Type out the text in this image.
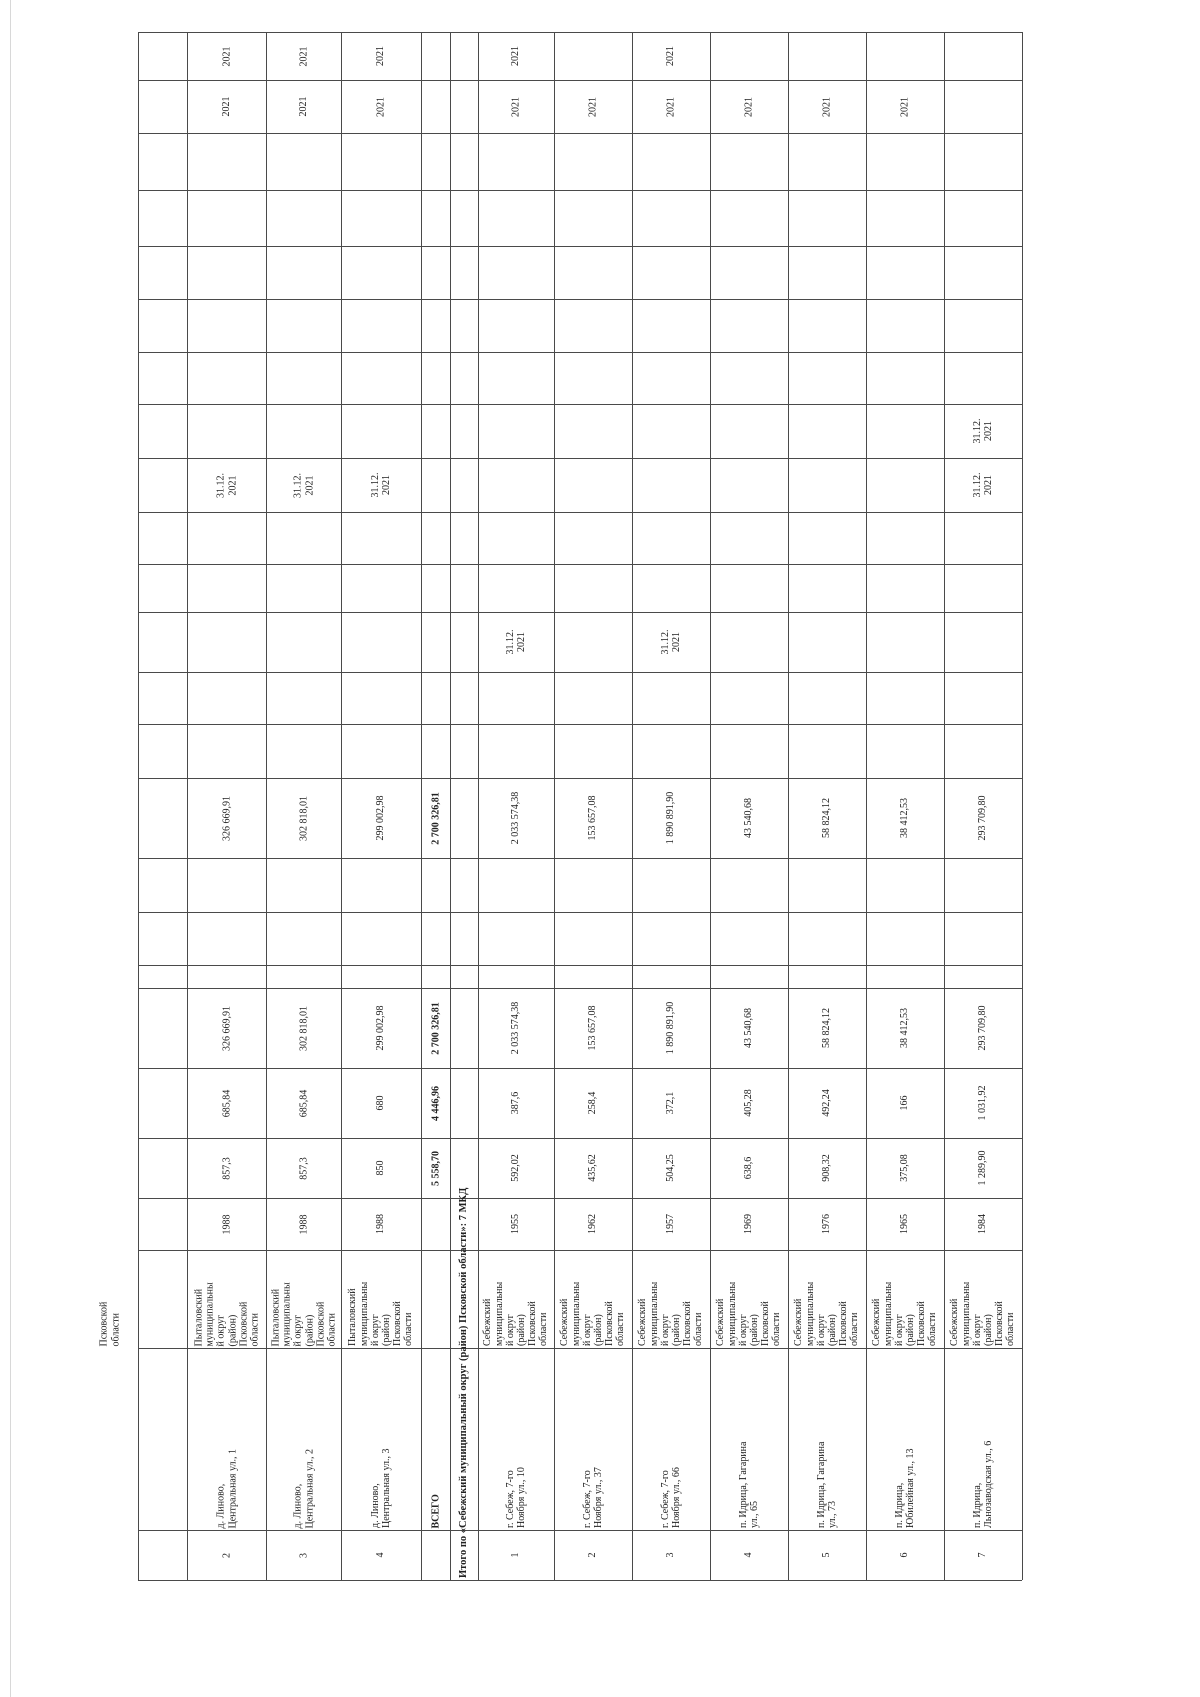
Псковской
области
2
д. Линово,
Центральная ул., 1
Пыталовский
муниципальны
й округ
(район)
Псковской
области
1988
857,3
685,84
326 669,91
326 669,91
31.12.
2021
2021
2021
3
д. Линово,
Центральная ул., 2
Пыталовский
муниципальны
й округ
(район)
Псковской
области
1988
857,3
685,84
302 818,01
302 818,01
31.12.
2021
2021
2021
4
д. Линово,
Центральная ул., 3
Пыталовский
муниципальны
й округ
(район)
Псковской
области
1988
850
680
299 002,98
299 002,98
31.12.
2021
2021
2021
1
г. Себеж, 7-го
Ноября ул., 10
Себежский
муниципальны
й округ
(район)
Псковской
области
1955
592,02
387,6
2 033 574,38
2 033 574,38
31.12.
2021
2021
2021
2
г. Себеж, 7-го
Ноября ул., 37
Себежский
муниципальны
й округ
(район)
Псковской
области
1962
435,62
258,4
153 657,08
153 657,08
2021
3
г. Себеж, 7-го
Ноября ул., 66
Себежский
муниципальны
й округ
(район)
Псковской
области
1957
504,25
372,1
1 890 891,90
1 890 891,90
31.12.
2021
2021
2021
4
п. Идрица, Гагарина
ул., 65
Себежский
муниципальны
й округ
(район)
Псковской
области
1969
638,6
405,28
43 540,68
43 540,68
2021
5
п. Идрица, Гагарина
ул., 73
Себежский
муниципальны
й округ
(район)
Псковской
области
1976
908,32
492,24
58 824,12
58 824,12
2021
6
п. Идрица,
Юбилейная ул., 13
Себежский
муниципальны
й округ
(район)
Псковской
области
1965
375,08
166
38 412,53
38 412,53
2021
7
п. Идрица,
Льнозаводская ул., 6
Себежский
муниципальны
й округ
(район)
Псковской
области
1984
1 289,90
1 031,92
293 709,80
293 709,80
31.12.
2021
31.12.
2021
ВСЕГО
5 558,70
4 446,96
2 700 326,81
2 700 326,81
Итого по «Себежский муниципальный округ (район) Псковской области»: 7 МКД
